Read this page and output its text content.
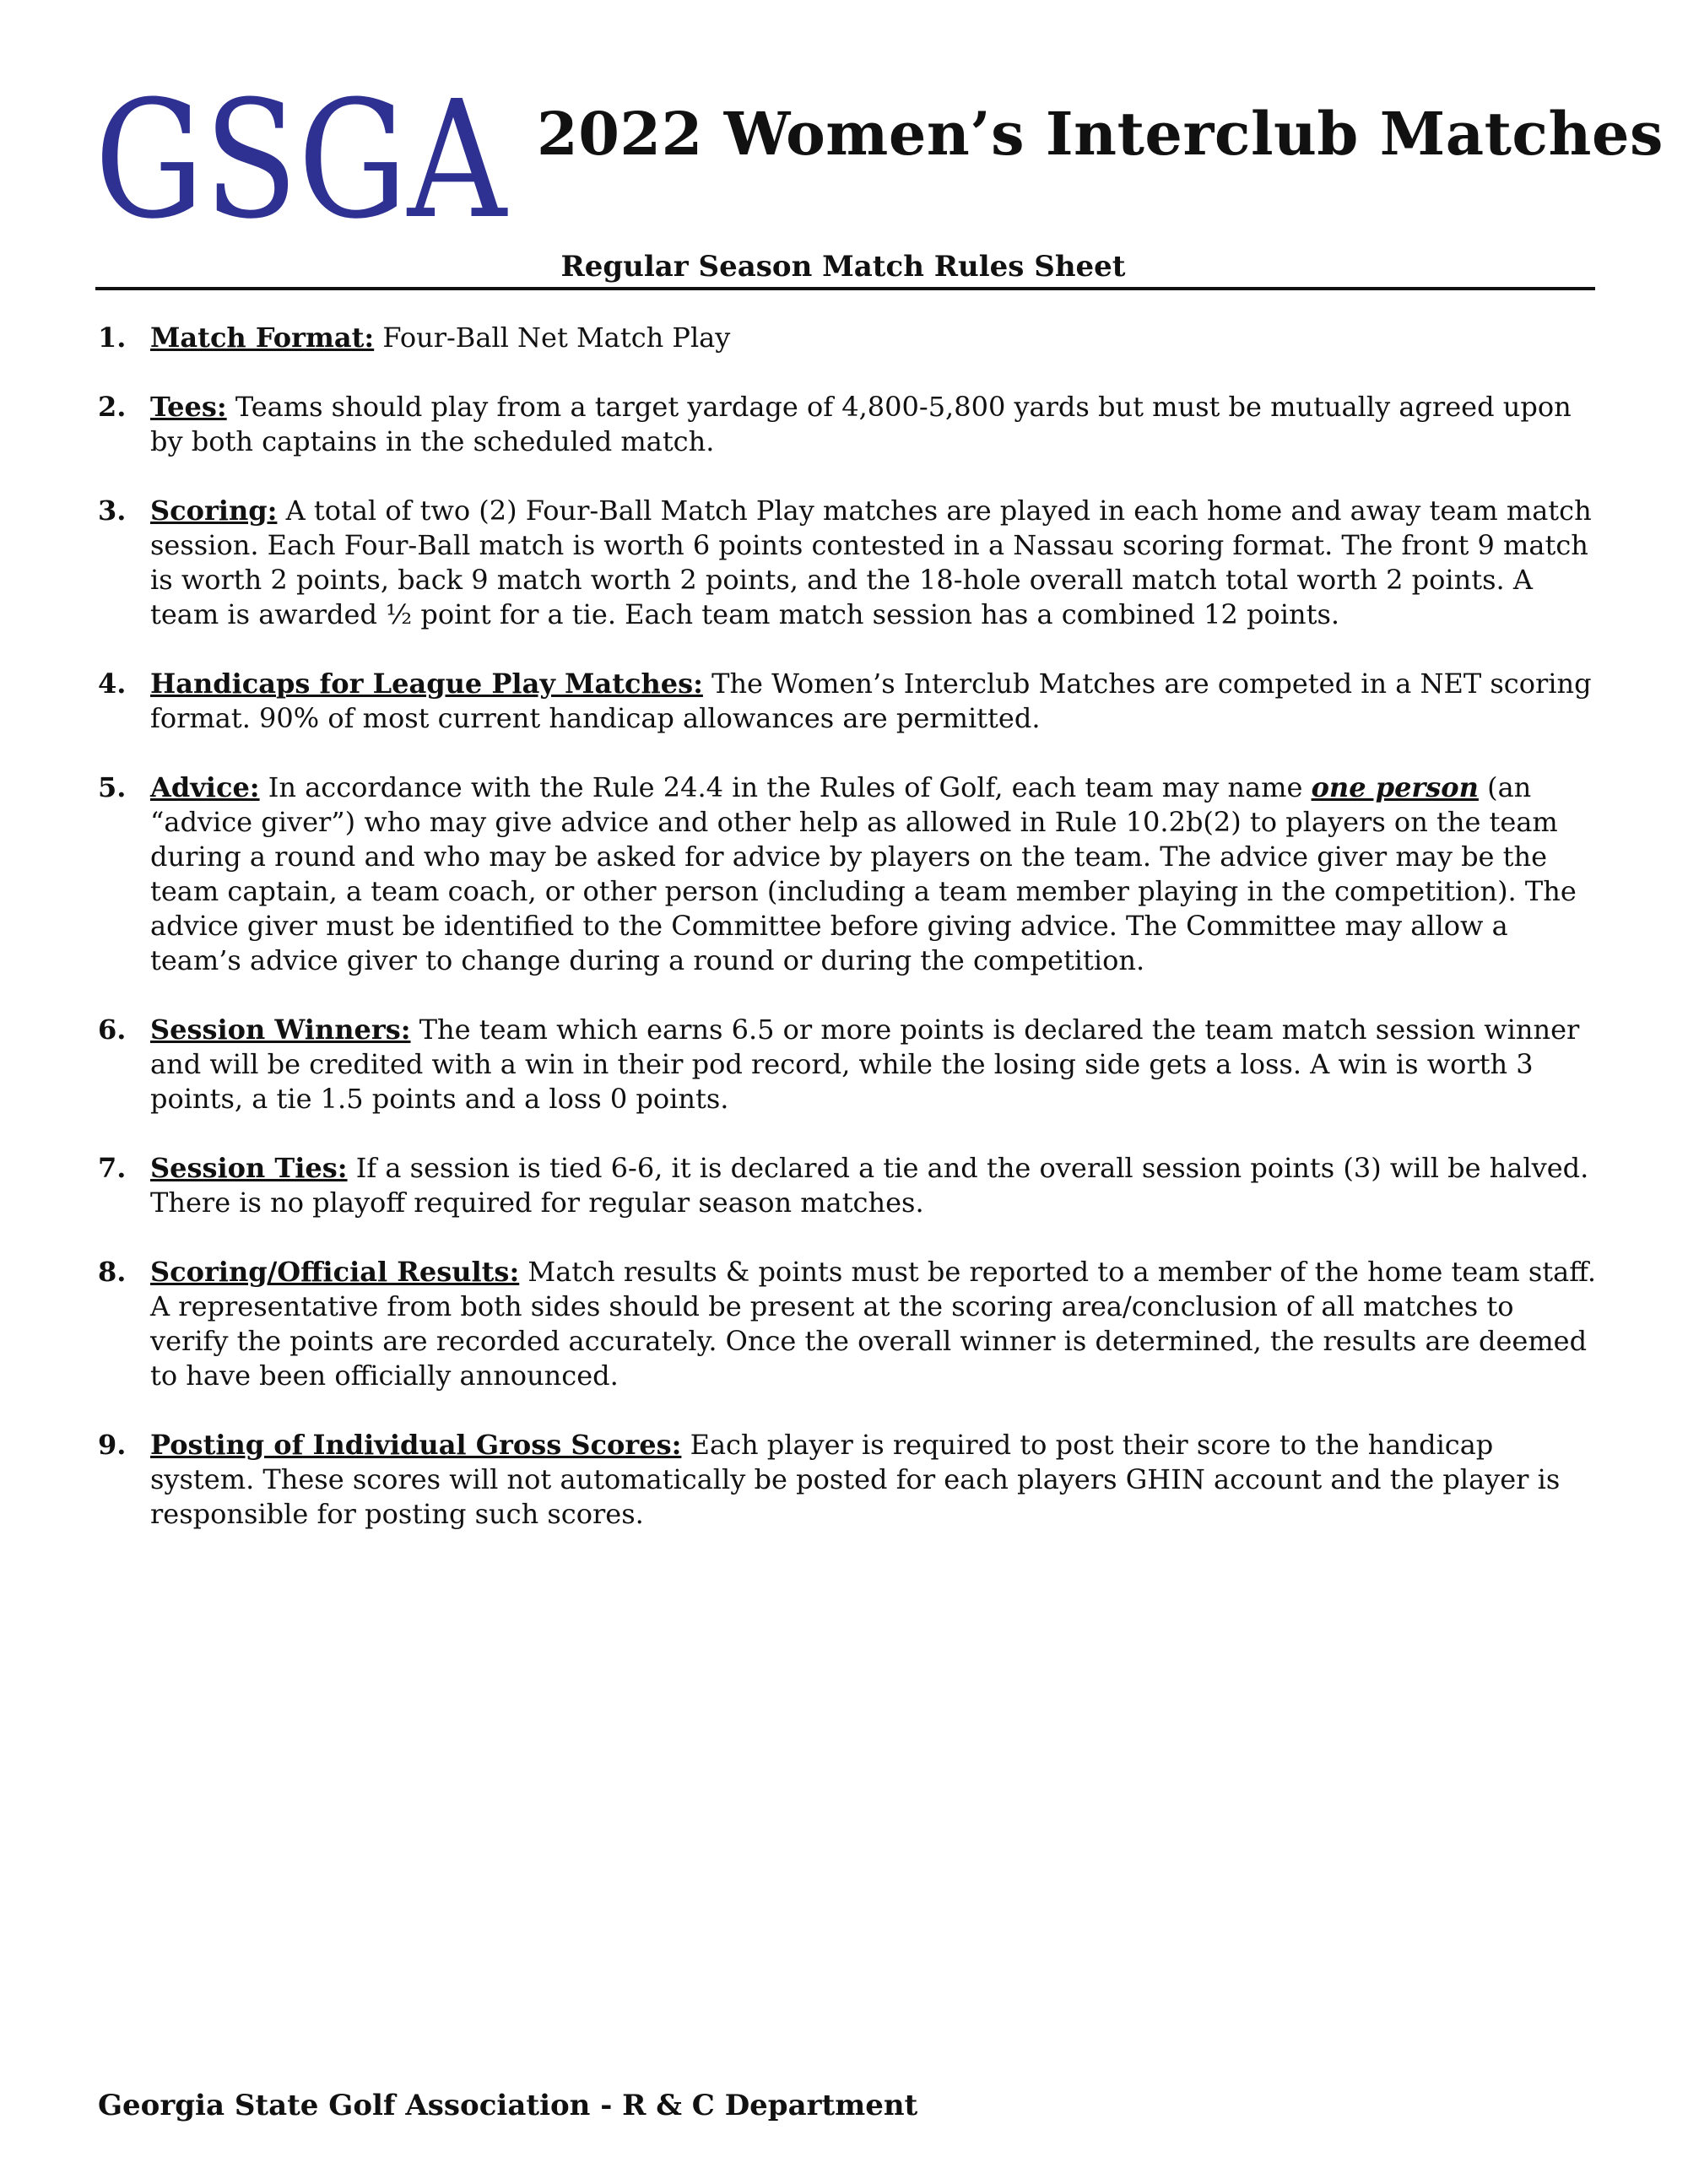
GSGA 2022 Women’s Interclub Matches
Regular Season Match Rules Sheet
1. Match Format: Four-Ball Net Match Play
2. Tees: Teams should play from a target yardage of 4,800-5,800 yards but must be mutually agreed upon by both captains in the scheduled match.
3. Scoring: A total of two (2) Four-Ball Match Play matches are played in each home and away team match session. Each Four-Ball match is worth 6 points contested in a Nassau scoring format. The front 9 match is worth 2 points, back 9 match worth 2 points, and the 18-hole overall match total worth 2 points. A team is awarded ½ point for a tie. Each team match session has a combined 12 points.
4. Handicaps for League Play Matches: The Women’s Interclub Matches are competed in a NET scoring format. 90% of most current handicap allowances are permitted.
5. Advice: In accordance with the Rule 24.4 in the Rules of Golf, each team may name one person (an “advice giver”) who may give advice and other help as allowed in Rule 10.2b(2) to players on the team during a round and who may be asked for advice by players on the team. The advice giver may be the team captain, a team coach, or other person (including a team member playing in the competition). The advice giver must be identified to the Committee before giving advice. The Committee may allow a team’s advice giver to change during a round or during the competition.
6. Session Winners: The team which earns 6.5 or more points is declared the team match session winner and will be credited with a win in their pod record, while the losing side gets a loss. A win is worth 3 points, a tie 1.5 points and a loss 0 points.
7. Session Ties: If a session is tied 6-6, it is declared a tie and the overall session points (3) will be halved. There is no playoff required for regular season matches.
8. Scoring/Official Results: Match results & points must be reported to a member of the home team staff. A representative from both sides should be present at the scoring area/conclusion of all matches to verify the points are recorded accurately. Once the overall winner is determined, the results are deemed to have been officially announced.
9. Posting of Individual Gross Scores: Each player is required to post their score to the handicap system. These scores will not automatically be posted for each players GHIN account and the player is responsible for posting such scores.
Georgia State Golf Association - R & C Department
